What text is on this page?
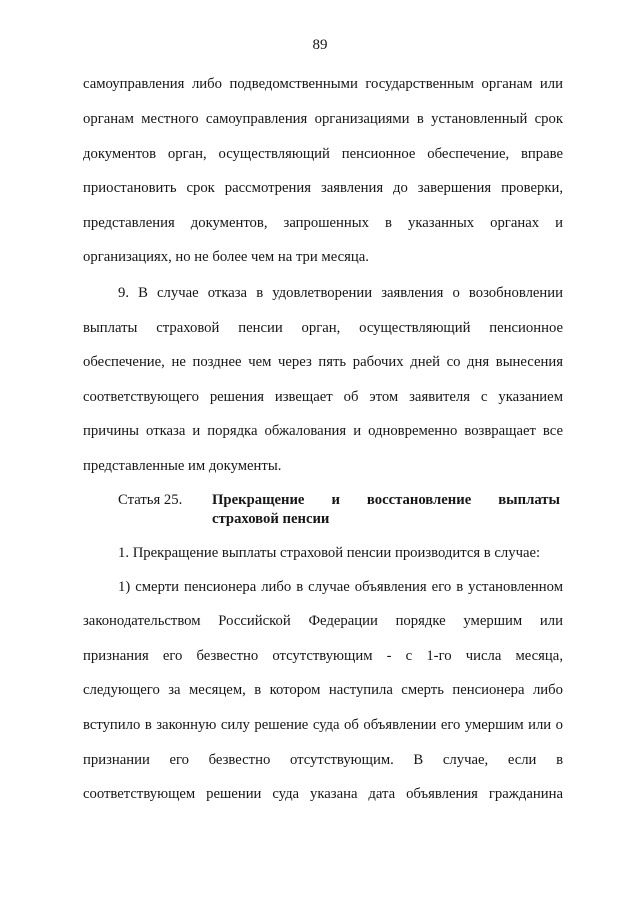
89
самоуправления либо подведомственными государственным органам или
органам местного самоуправления организациями в установленный срок
документов орган, осуществляющий пенсионное обеспечение, вправе
приостановить срок рассмотрения заявления до завершения проверки,
представления документов, запрошенных в указанных органах и
организациях, но не более чем на три месяца.
9. В случае отказа в удовлетворении заявления о возобновлении
выплаты страховой пенсии орган, осуществляющий пенсионное
обеспечение, не позднее чем через пять рабочих дней со дня вынесения
соответствующего решения извещает об этом заявителя с указанием
причины отказа и порядка обжалования и одновременно возвращает все
представленные им документы.
Статья 25. Прекращение и восстановление выплаты
страховой пенсии
1. Прекращение выплаты страховой пенсии производится в случае:
1) смерти пенсионера либо в случае объявления его в установленном
законодательством Российской Федерации порядке умершим или
признания его безвестно отсутствующим - с 1-го числа месяца,
следующего за месяцем, в котором наступила смерть пенсионера либо
вступило в законную силу решение суда об объявлении его умершим или о
признании его безвестно отсутствующим. В случае, если в
соответствующем решении суда указана дата объявления гражданина
